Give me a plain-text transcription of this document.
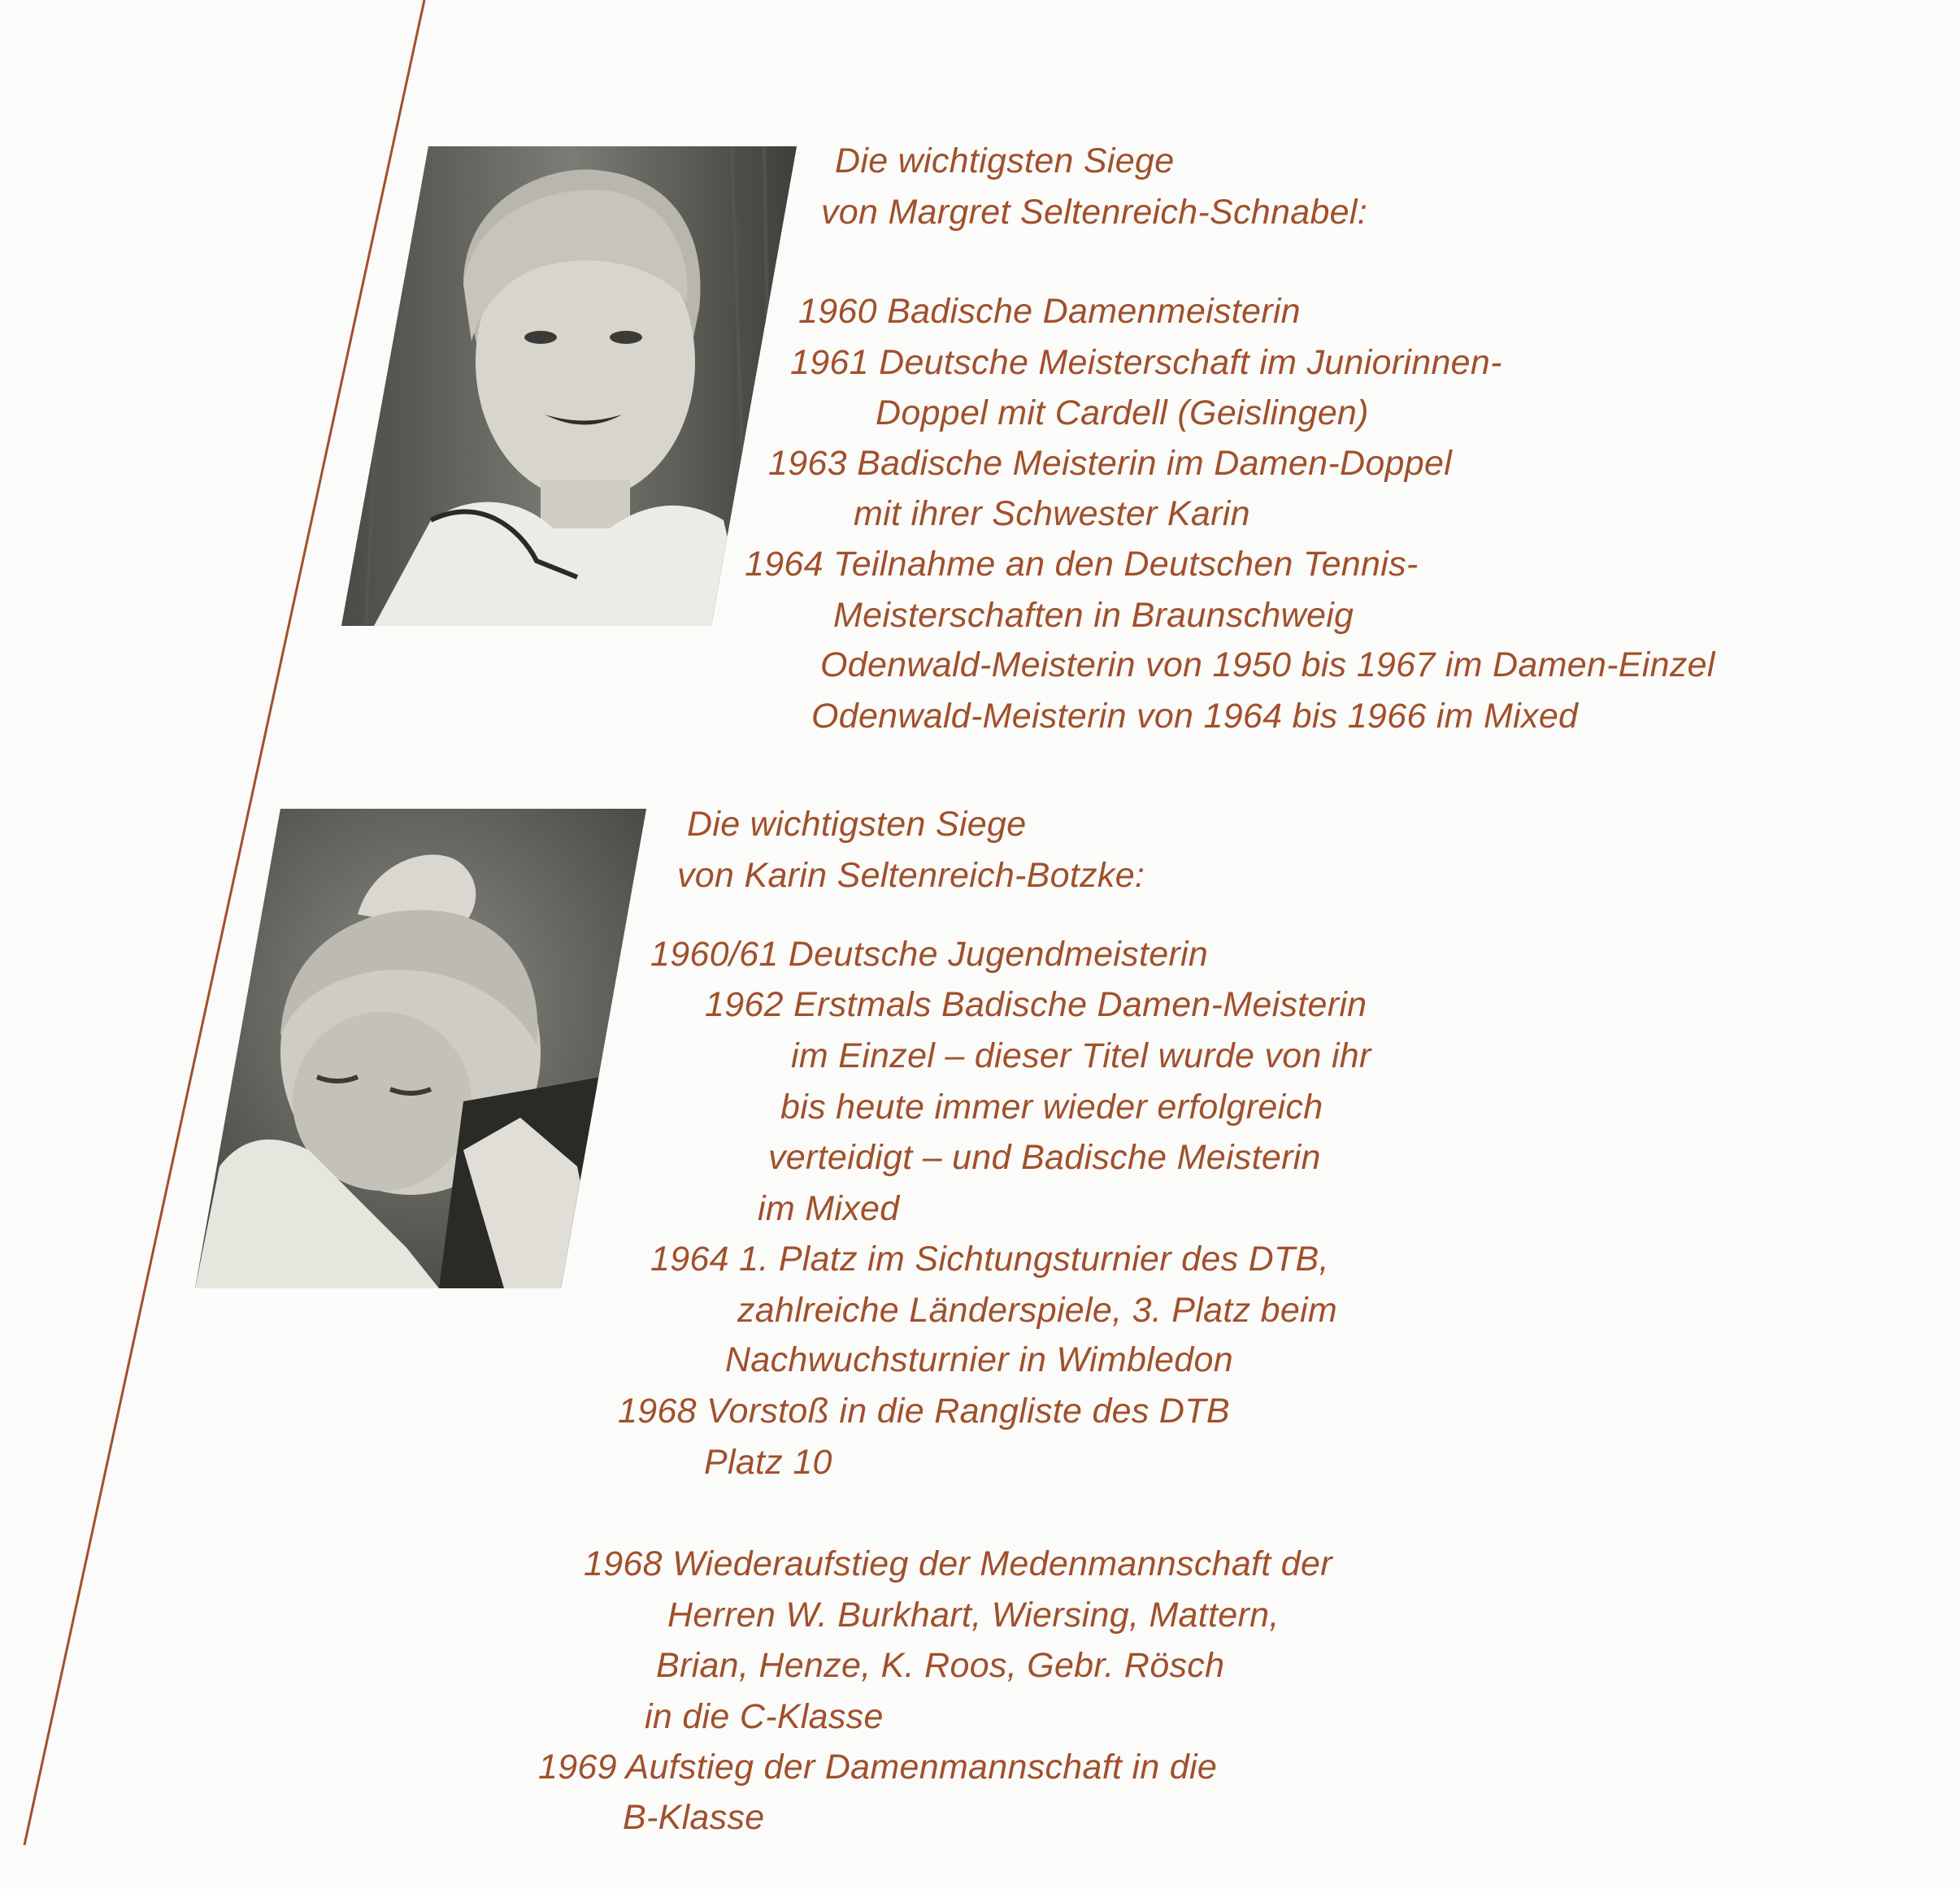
Die wichtigsten Siege
von Margret Seltenreich-Schnabel:
1960 Badische Damenmeisterin
1961 Deutsche Meisterschaft im Juniorinnen-
Doppel mit Cardell (Geislingen)
1963 Badische Meisterin im Damen-Doppel
mit ihrer Schwester Karin
1964 Teilnahme an den Deutschen Tennis-
Meisterschaften in Braunschweig
Odenwald-Meisterin von 1950 bis 1967 im Damen-Einzel
Odenwald-Meisterin von 1964 bis 1966 im Mixed
Die wichtigsten Siege
von Karin Seltenreich-Botzke:
1960/61 Deutsche Jugendmeisterin
1962 Erstmals Badische Damen-Meisterin
im Einzel – dieser Titel wurde von ihr
bis heute immer wieder erfolgreich
verteidigt – und Badische Meisterin
im Mixed
1964 1. Platz im Sichtungsturnier des DTB,
zahlreiche Länderspiele, 3. Platz beim
Nachwuchsturnier in Wimbledon
1968 Vorstoß in die Rangliste des DTB
Platz 10
1968 Wiederaufstieg der Medenmannschaft der
Herren W. Burkhart, Wiersing, Mattern,
Brian, Henze, K. Roos, Gebr. Rösch
in die C-Klasse
1969 Aufstieg der Damenmannschaft in die
B-Klasse
